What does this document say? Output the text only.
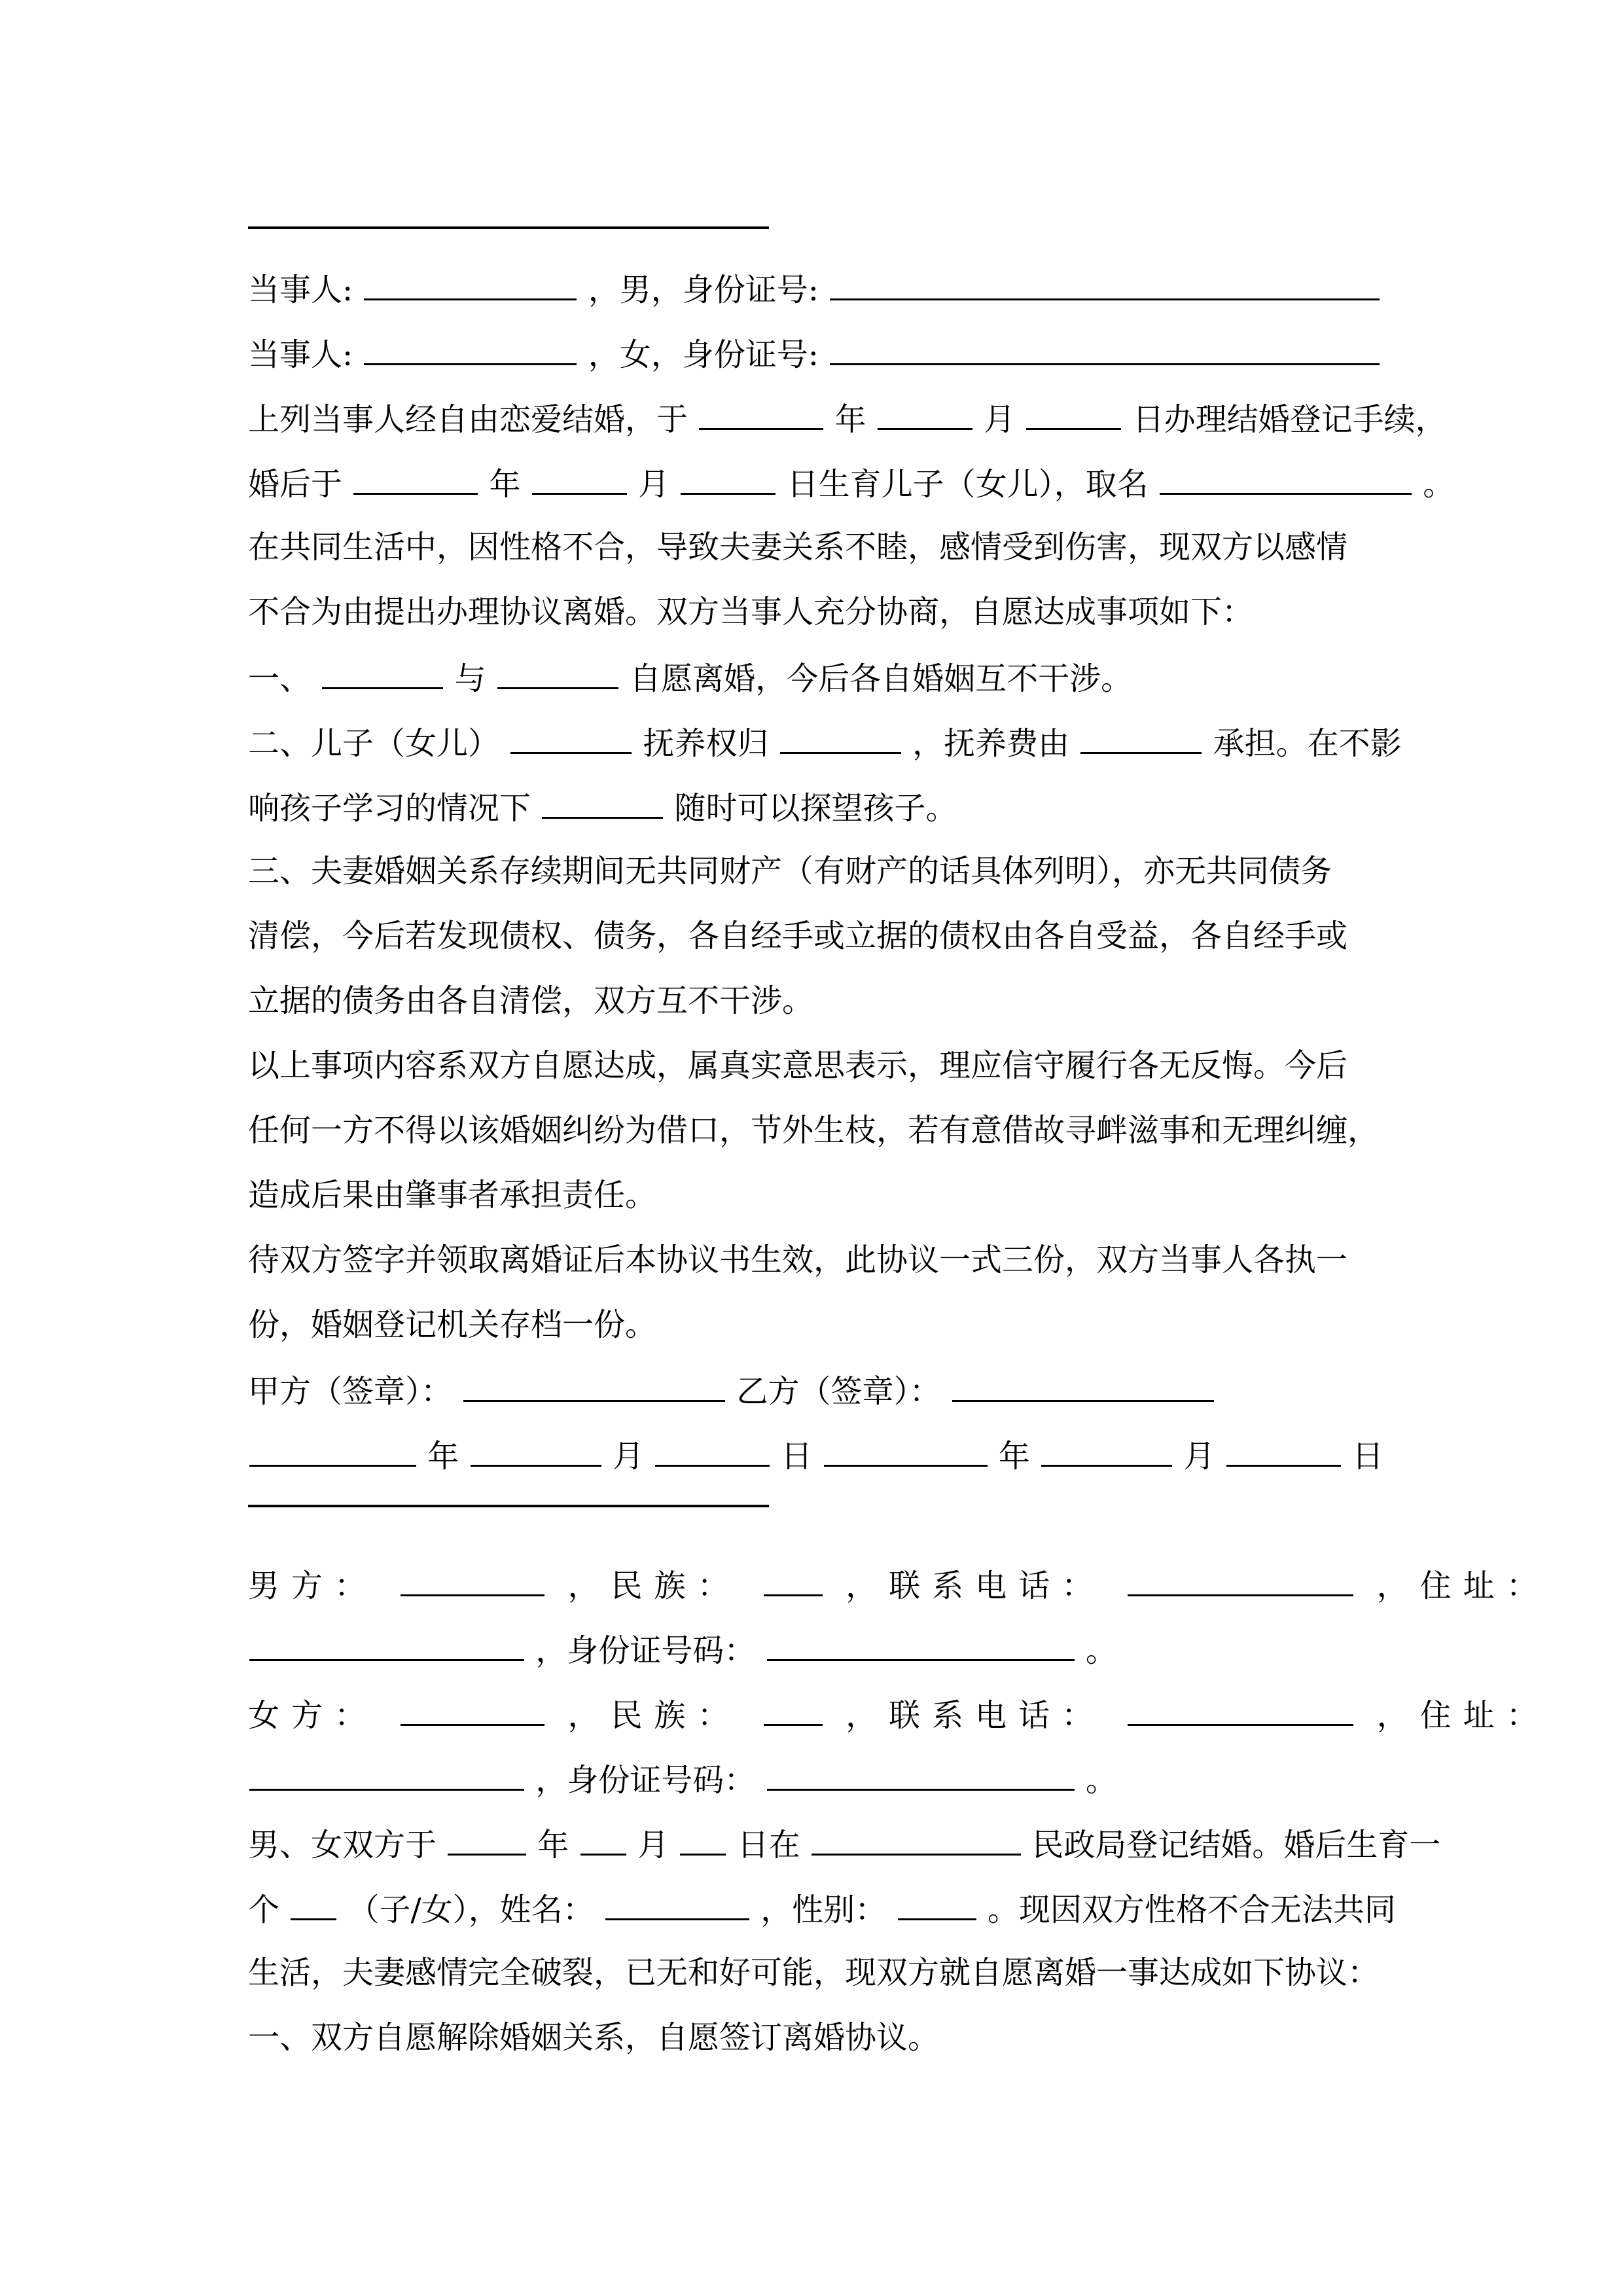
当事人:	，男，身份证号:
当事人:	，女，身份证号:
上列当事人经自由恋爱结婚，于	年	月	日办理结婚登记手续，
婚后于	年	月	日生育儿子（女儿），取名	。
在共同生活中，因性格不合，导致夫妻关系不睦，感情受到伤害，现双方以感情
不合为由提出办理协议离婚。双方当事人充分协商，自愿达成事项如下：
一、	与	自愿离婚，今后各自婚姻互不干涉。
二、儿子（女儿）	抚养权归	，抚养费由	承担。在不影
响孩子学习的情况下	随时可以探望孩子。
三、夫妻婚姻关系存续期间无共同财产（有财产的话具体列明），亦无共同债务
清偿，今后若发现债权、债务，各自经手或立据的债权由各自受益，各自经手或
立据的债务由各自清偿，双方互不干涉。
以上事项内容系双方自愿达成，属真实意思表示，理应信守履行各无反悔。今后
任何一方不得以该婚姻纠纷为借口，节外生枝，若有意借故寻衅滋事和无理纠缠，
造成后果由肇事者承担责任。
待双方签字并领取离婚证后本协议书生效，此协议一式三份，双方当事人各执一
份，婚姻登记机关存档一份。
甲方（签章）：	乙方（签章）：
年	月	日	年	月	日
男方：	，民族：	，联系电话：	，住址：
，身份证号码：	。
女方：	，民族：	，联系电话：	，住址：
，身份证号码：	。
男、女双方于	年 月 日在	民政局登记结婚。婚后生育一
个 （子/女），姓名：	，性别：	。现因双方性格不合无法共同
生活，夫妻感情完全破裂，已无和好可能，现双方就自愿离婚一事达成如下协议：
一、双方自愿解除婚姻关系，自愿签订离婚协议。
